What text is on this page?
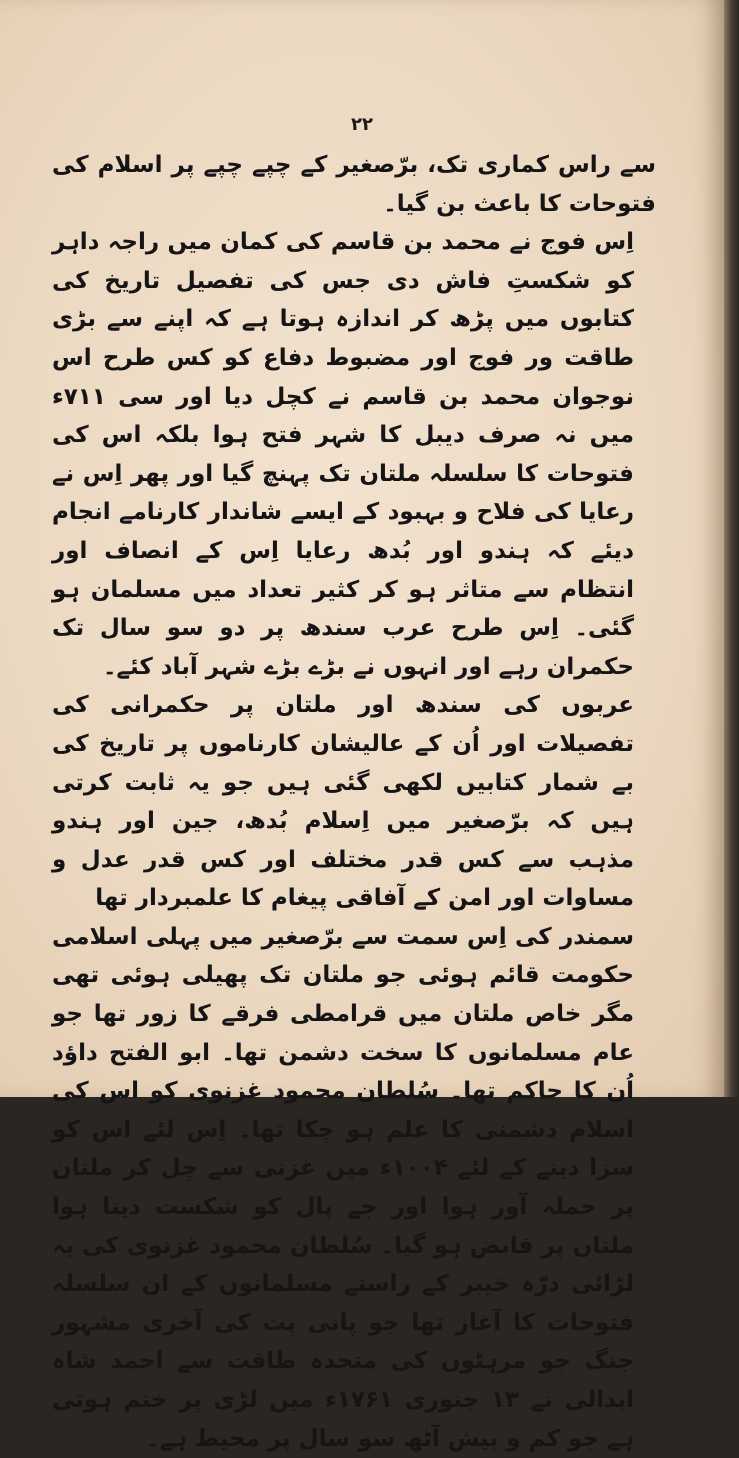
۲۲

سے راس کماری تک، برّصغیر کے چپے چپے پر اسلام کی فتوحات کا باعث بن گیا۔

اِس فوج نے محمد بن قاسم کی کمان میں راجہ داہر کو شکستِ فاش دی جس کی تفصیل تاریخ کی کتابوں میں پڑھ کر اندازہ ہوتا ہے کہ اپنے سے بڑی طاقت ور فوج اور مضبوط دفاع کو کس طرح اس نوجوان محمد بن قاسم نے کچل دیا اور سی ۷۱۱ء میں نہ صرف دیبل کا شہر فتح ہوا بلکہ اس کی فتوحات کا سلسلہ ملتان تک پہنچ گیا اور پھر اِس نے رعایا کی فلاح و بہبود کے ایسے شاندار کارنامے انجام دیئے کہ ہندو اور بُدھ رعایا اِس کے انصاف اور انتظام سے متاثر ہو کر کثیر تعداد میں مسلمان ہو گئی۔ اِس طرح عرب سندھ پر دو سو سال تک حکمران رہے اور انہوں نے بڑے بڑے شہر آباد کئے۔

عربوں کی سندھ اور ملتان پر حکمرانی کی تفصیلات اور اُن کے عالیشان کارناموں پر تاریخ کی بے شمار کتابیں لکھی گئی ہیں جو یہ ثابت کرتی ہیں کہ برّصغیر میں اِسلام بُدھ، جین اور ہندو مذہب سے کس قدر مختلف اور کس قدر عدل و مساوات اور امن کے آفاقی پیغام کا علمبردار تھا

سمندر کی اِس سمت سے برّصغیر میں پہلی اسلامی حکومت قائم ہوئی جو ملتان تک پھیلی ہوئی تھی مگر خاص ملتان میں قرامطی فرقے کا زور تھا جو عام مسلمانوں کا سخت دشمن تھا۔ ابو الفتح داؤد اُن کا حاکم تھا۔ سُلطان محمود غزنوی کو اس کی اسلام دشمنی کا علم ہو چکا تھا۔ اِس لئے اس کو سزا دینے کے لئے ۱۰۰۴ء میں غزنی سے چل کر ملتان پر حملہ آور ہوا اور جے پال کو شکست دیتا ہوا ملتان پر قابض ہو گیا۔ سُلطان محمود غزنوی کی یہ لڑائی درّہ خیبر کے راستے مسلمانوں کے ان سلسلہ فتوحات کا آغاز تھا جو پانی پت کی آخری مشہور جنگ جو مرہٹوں کی متحدہ طاقت سے احمد شاہ ابدالی نے ۱۳ جنوری ۱۷۶۱ء میں لڑی پر ختم ہوتی ہے جو کم و بیش آٹھ سو سال پر محیط ہے۔
